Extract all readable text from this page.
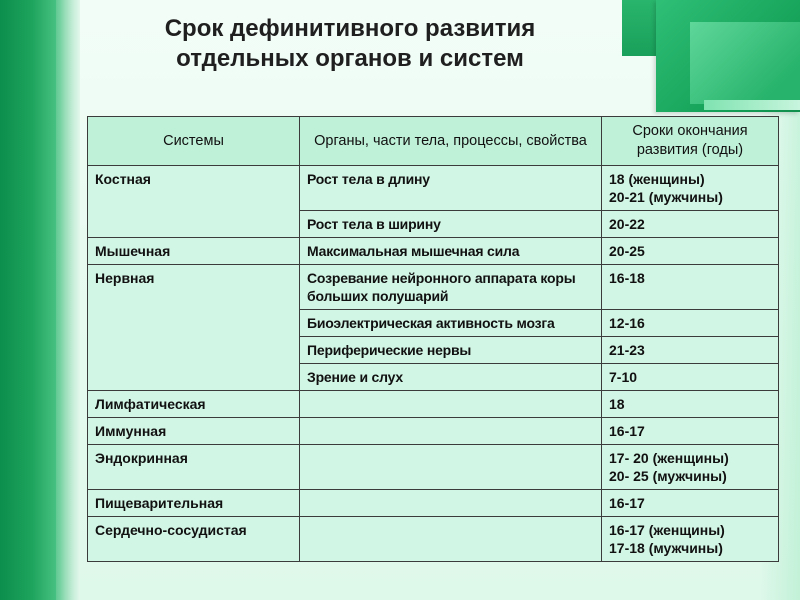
Срок дефинитивного развития
отдельных органов и систем
Системы	Органы, части тела, процессы, свойства	Сроки окончания развития (годы)
Костная	Рост тела в длину	18 (женщины)
20-21 (мужчины)

	Рост тела в ширину	20-22
Мышечная	Максимальная мышечная сила	20-25
Нервная	Созревание нейронного аппарата коры больших полушарий	16-18
	Биоэлектрическая активность мозга	12-16
	Периферические нервы	21-23
	Зрение и слух	7-10
Лимфатическая		18
Иммунная		16-17
Эндокринная		17- 20 (женщины)
20- 25 (мужчины)

Пищеварительная		16-17
Сердечно-сосудистая		16-17 (женщины)
17-18 (мужчины)
